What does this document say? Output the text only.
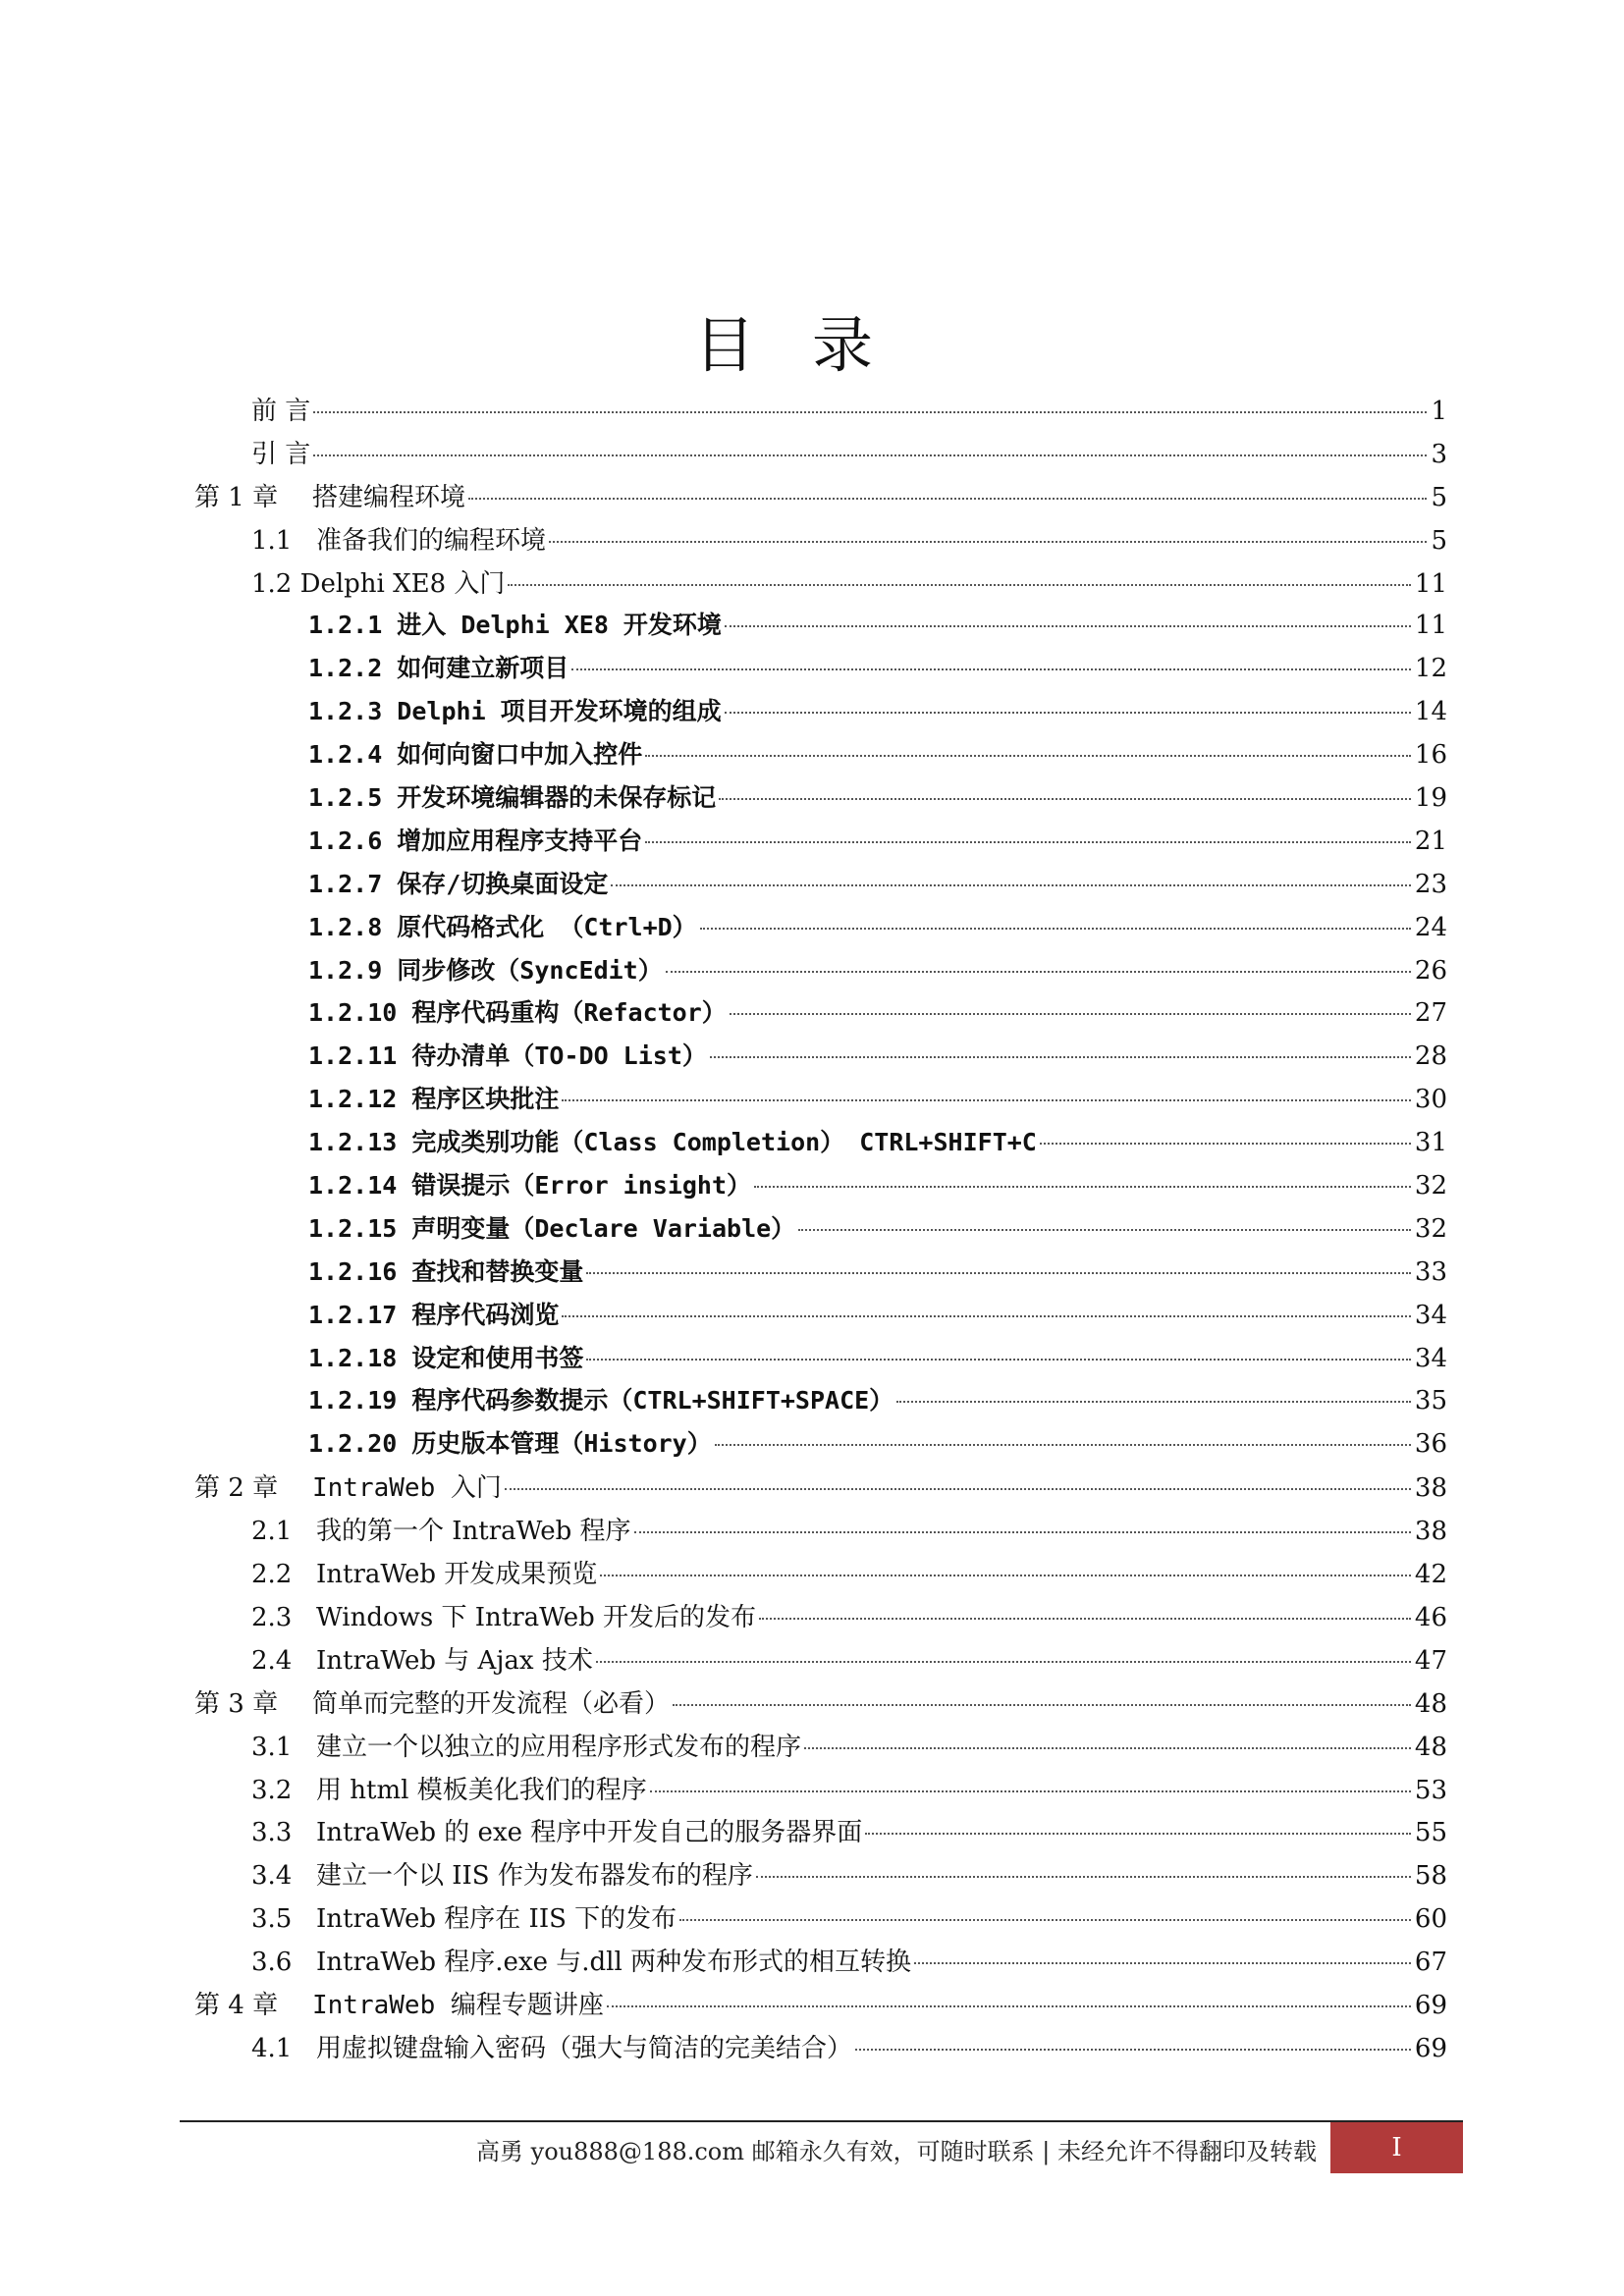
目录
前 言	1
引 言	3
第 1 章 搭建编程环境	5
1.1 准备我们的编程环境	5
1.2 Delphi XE8 入门	11
1.2.1 进入 Delphi XE8 开发环境	11
1.2.2 如何建立新项目	12
1.2.3 Delphi 项目开发环境的组成	14
1.2.4 如何向窗口中加入控件	16
1.2.5 开发环境编辑器的未保存标记	19
1.2.6 增加应用程序支持平台	21
1.2.7 保存/切换桌面设定	23
1.2.8 原代码格式化 （Ctrl+D）	24
1.2.9 同步修改（SyncEdit）	26
1.2.10 程序代码重构（Refactor）	27
1.2.11 待办清单（TO-DO List）	28
1.2.12 程序区块批注	30
1.2.13 完成类别功能（Class Completion） CTRL+SHIFT+C	31
1.2.14 错误提示（Error insight）	32
1.2.15 声明变量（Declare Variable）	32
1.2.16 查找和替换变量	33
1.2.17 程序代码浏览	34
1.2.18 设定和使用书签	34
1.2.19 程序代码参数提示（CTRL+SHIFT+SPACE）	35
1.2.20 历史版本管理（History）	36
第 2 章 IntraWeb 入门	38
2.1 我的第一个 IntraWeb 程序	38
2.2 IntraWeb 开发成果预览	42
2.3 Windows 下 IntraWeb 开发后的发布	46
2.4 IntraWeb 与 Ajax 技术	47
第 3 章 简单而完整的开发流程（必看）	48
3.1 建立一个以独立的应用程序形式发布的程序	48
3.2 用 html 模板美化我们的程序	53
3.3 IntraWeb 的 exe 程序中开发自己的服务器界面	55
3.4 建立一个以 IIS 作为发布器发布的程序	58
3.5 IntraWeb 程序在 IIS 下的发布	60
3.6 IntraWeb 程序.exe 与.dll 两种发布形式的相互转换	67
第 4 章 IntraWeb 编程专题讲座	69
4.1 用虚拟键盘输入密码（强大与简洁的完美结合）	69
高勇 you888@188.com 邮箱永久有效，可随时联系 | 未经允许不得翻印及转载	I
